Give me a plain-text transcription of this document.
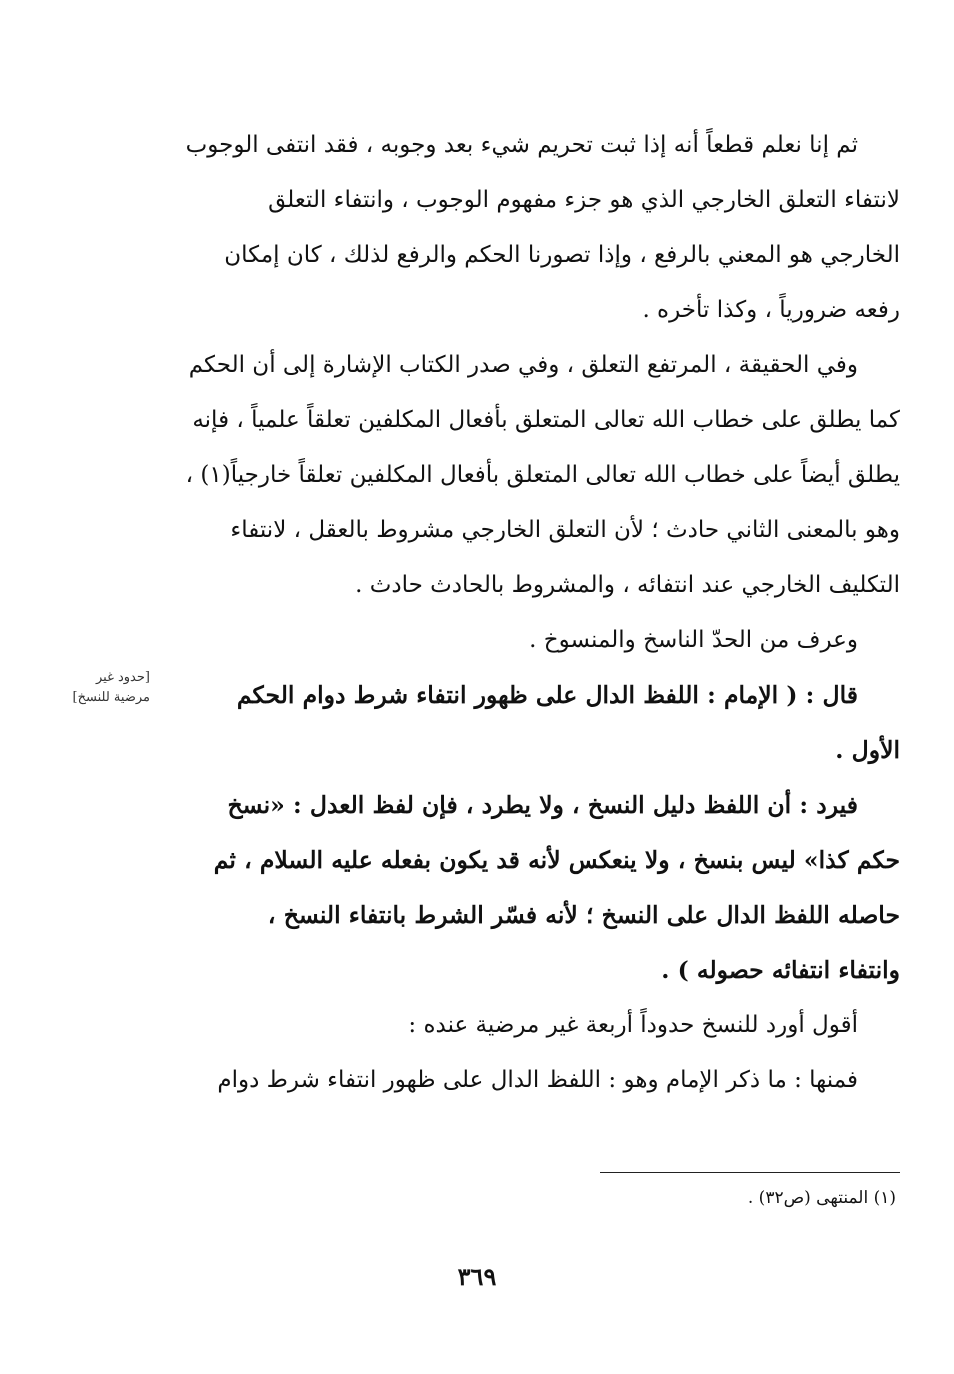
ثم إنا نعلم قطعاً أنه إذا ثبت تحريم شيء بعد وجوبه ، فقد انتفى الوجوب
لانتفاء التعلق الخارجي الذي هو جزء مفهوم الوجوب ، وانتفاء التعلق
الخارجي هو المعني بالرفع ، وإذا تصورنا الحكم والرفع لذلك ، كان إمكان
رفعه ضرورياً ، وكذا تأخره .
وفي الحقيقة ، المرتفع التعلق ، وفي صدر الكتاب الإشارة إلى أن الحكم
كما يطلق على خطاب الله تعالى المتعلق بأفعال المكلفين تعلقاً علمياً ، فإنه
يطلق أيضاً على خطاب الله تعالى المتعلق بأفعال المكلفين تعلقاً خارجياً(١) ،
وهو بالمعنى الثاني حادث ؛ لأن التعلق الخارجي مشروط بالعقل ، لانتفاء
التكليف الخارجي عند انتفائه ، والمشروط بالحادث حادث .
وعرف من الحدّ الناسخ والمنسوخ .
قال : ( الإمام : اللفظ الدال على ظهور انتفاء شرط دوام الحكم
الأول .
فيرد : أن اللفظ دليل النسخ ، ولا يطرد ، فإن لفظ العدل : «نسخ
حكم كذا» ليس بنسخ ، ولا ينعكس لأنه قد يكون بفعله عليه السلام ، ثم
حاصله اللفظ الدال على النسخ ؛ لأنه فسّر الشرط بانتفاء النسخ ،
وانتفاء انتفائه حصوله ) .
أقول أورد للنسخ حدوداً أربعة غير مرضية عنده :
فمنها : ما ذكر الإمام وهو : اللفظ الدال على ظهور انتفاء شرط دوام
[حدود غير
مرضية للنسخ]
(١) المنتهى (ص٣٢) .
٣٦٩
